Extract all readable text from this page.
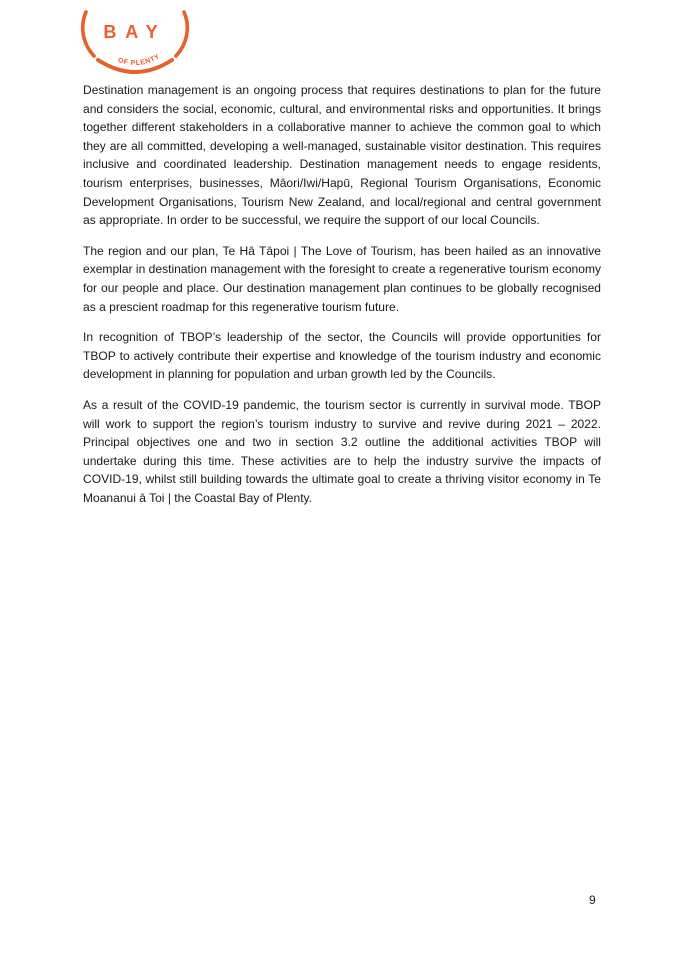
BAY
OF PLENTY

Destination management is an ongoing process that requires destinations to plan for the future and considers the social, economic, cultural, and environmental risks and opportunities. It brings together different stakeholders in a collaborative manner to achieve the common goal to which they are all committed, developing a well-managed, sustainable visitor destination. This requires inclusive and coordinated leadership. Destination management needs to engage residents, tourism enterprises, businesses, Māori/Iwi/Hapū, Regional Tourism Organisations, Economic Development Organisations, Tourism New Zealand, and local/regional and central government as appropriate. In order to be successful, we require the support of our local Councils.

The region and our plan, Te Hā Tāpoi | The Love of Tourism, has been hailed as an innovative exemplar in destination management with the foresight to create a regenerative tourism economy for our people and place. Our destination management plan continues to be globally recognised as a prescient roadmap for this regenerative tourism future.

In recognition of TBOP’s leadership of the sector, the Councils will provide opportunities for TBOP to actively contribute their expertise and knowledge of the tourism industry and economic development in planning for population and urban growth led by the Councils.

As a result of the COVID-19 pandemic, the tourism sector is currently in survival mode. TBOP will work to support the region’s tourism industry to survive and revive during 2021 – 2022. Principal objectives one and two in section 3.2 outline the additional activities TBOP will undertake during this time. These activities are to help the industry survive the impacts of COVID-19, whilst still building towards the ultimate goal to create a thriving visitor economy in Te Moananui ā Toi | the Coastal Bay of Plenty.

9
